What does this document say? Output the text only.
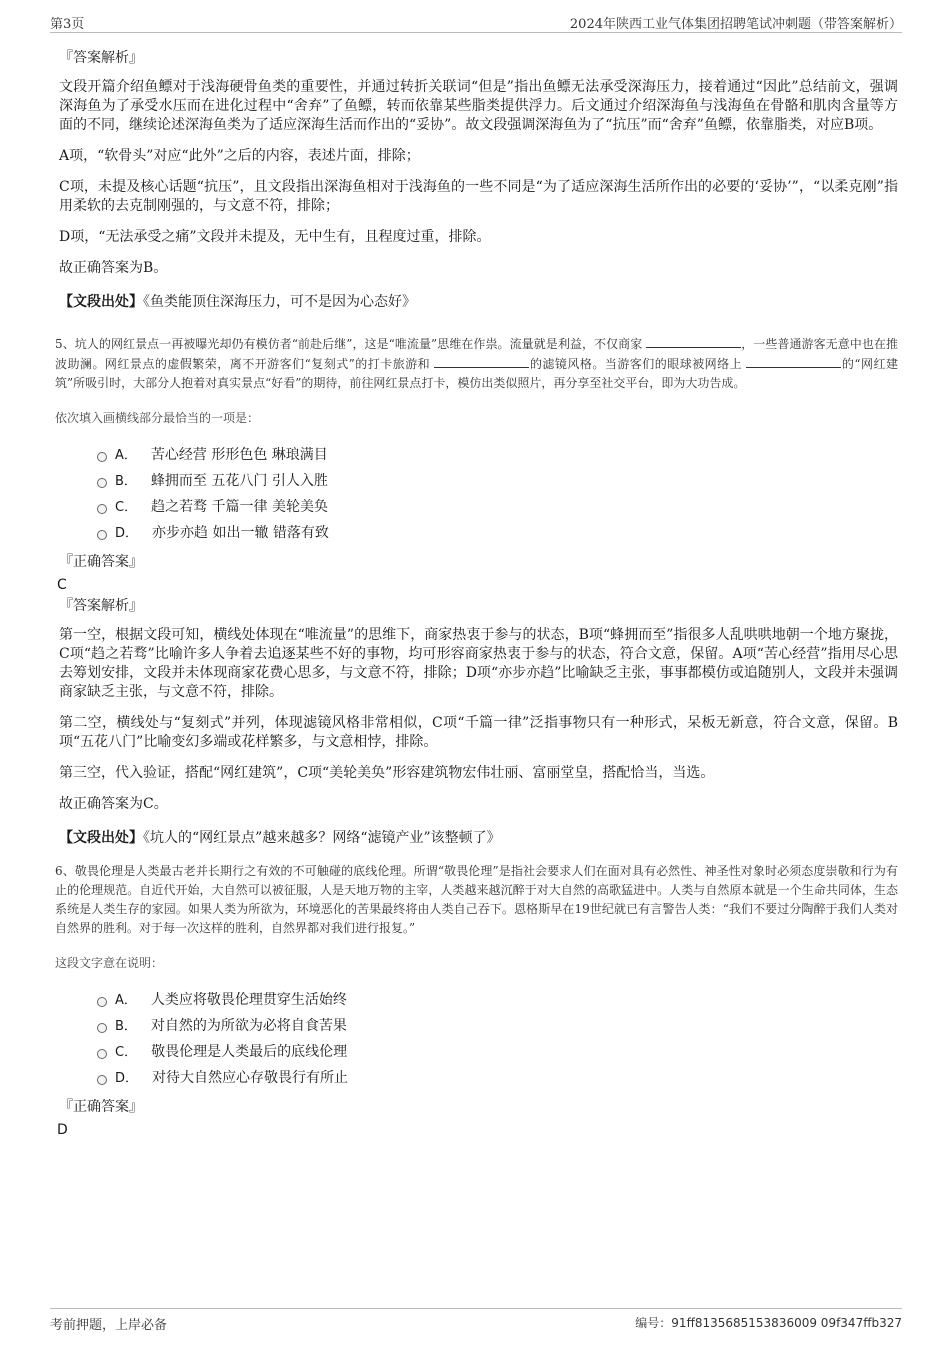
第3页	2024年陕西工业气体集团招聘笔试冲刺题（带答案解析）
『答案解析』

文段开篇介绍鱼鳔对于浅海硬骨鱼类的重要性，并通过转折关联词“但是”指出鱼鳔无法承受深海压力，接着通过“因此”总结前文，强调深海鱼为了承受水压而在进化过程中“舍弃”了鱼鳔，转而依靠某些脂类提供浮力。后文通过介绍深海鱼与浅海鱼在骨骼和肌肉含量等方面的不同，继续论述深海鱼类为了适应深海生活而作出的“妥协”。故文段强调深海鱼为了“抗压”而“舍弃”鱼鳔，依靠脂类，对应B项。

A项，“软骨头”对应“此外”之后的内容，表述片面，排除；

C项，未提及核心话题“抗压”，且文段指出深海鱼相对于浅海鱼的一些不同是“为了适应深海生活所作出的必要的‘妥协’”，“以柔克刚”指用柔软的去克制刚强的，与文意不符，排除；

D项，“无法承受之痛”文段并未提及，无中生有，且程度过重，排除。

故正确答案为B。

【文段出处】《鱼类能顶住深海压力，可不是因为心态好》
5、坑人的网红景点一再被曝光却仍有模仿者“前赴后继”，这是“唯流量”思维在作祟。流量就是利益，不仅商家	，一些普通游客无意中也在推波助澜。网红景点的虚假繁荣，离不开游客们“复刻式”的打卡旅游和	的滤镜风格。当游客们的眼球被网络上	的“网红建筑”所吸引时，大部分人抱着对真实景点“好看”的期待，前往网红景点打卡，模仿出类似照片，再分享至社交平台，即为大功告成。
依次填入画横线部分最恰当的一项是：
A． 苦心经营 形形色色 琳琅满目
B． 蜂拥而至 五花八门 引人入胜
C． 趋之若骛 千篇一律 美轮美奂
D． 亦步亦趋 如出一辙 错落有致
『正确答案』
C
『答案解析』

第一空，根据文段可知，横线处体现在“唯流量”的思维下，商家热衷于参与的状态，B项“蜂拥而至”指很多人乱哄哄地朝一个地方聚拢，C项“趋之若骛”比喻许多人争着去追逐某些不好的事物，均可形容商家热衷于参与的状态，符合文意，保留。A项“苦心经营”指用尽心思去筹划安排，文段并未体现商家花费心思多，与文意不符，排除；D项“亦步亦趋”比喻缺乏主张，事事都模仿或追随别人，文段并未强调商家缺乏主张，与文意不符，排除。

第二空，横线处与“复刻式”并列，体现滤镜风格非常相似，C项“千篇一律”泛指事物只有一种形式，呆板无新意，符合文意，保留。B项“五花八门”比喻变幻多端或花样繁多，与文意相悖，排除。

第三空，代入验证，搭配“网红建筑”，C项“美轮美奂”形容建筑物宏伟壮丽、富丽堂皇，搭配恰当，当选。

故正确答案为C。

【文段出处】《坑人的“网红景点”越来越多？网络“滤镜产业”该整顿了》
6、敬畏伦理是人类最古老并长期行之有效的不可触碰的底线伦理。所谓“敬畏伦理”是指社会要求人们在面对具有必然性、神圣性对象时必须态度崇敬和行为有止的伦理规范。自近代开始，大自然可以被征服，人是天地万物的主宰，人类越来越沉醉于对大自然的高歌猛进中。人类与自然原本就是一个生命共同体，生态系统是人类生存的家园。如果人类为所欲为，环境恶化的苦果最终将由人类自己吞下。恩格斯早在19世纪就已有言警告人类：“我们不要过分陶醉于我们人类对自然界的胜利。对于每一次这样的胜利，自然界都对我们进行报复。”
这段文字意在说明：
A． 人类应将敬畏伦理贯穿生活始终
B． 对自然的为所欲为必将自食苦果
C． 敬畏伦理是人类最后的底线伦理
D． 对待大自然应心存敬畏行有所止
『正确答案』
D
考前押题，上岸必备	编号：91ff8135685153836009 09f347ffb327
